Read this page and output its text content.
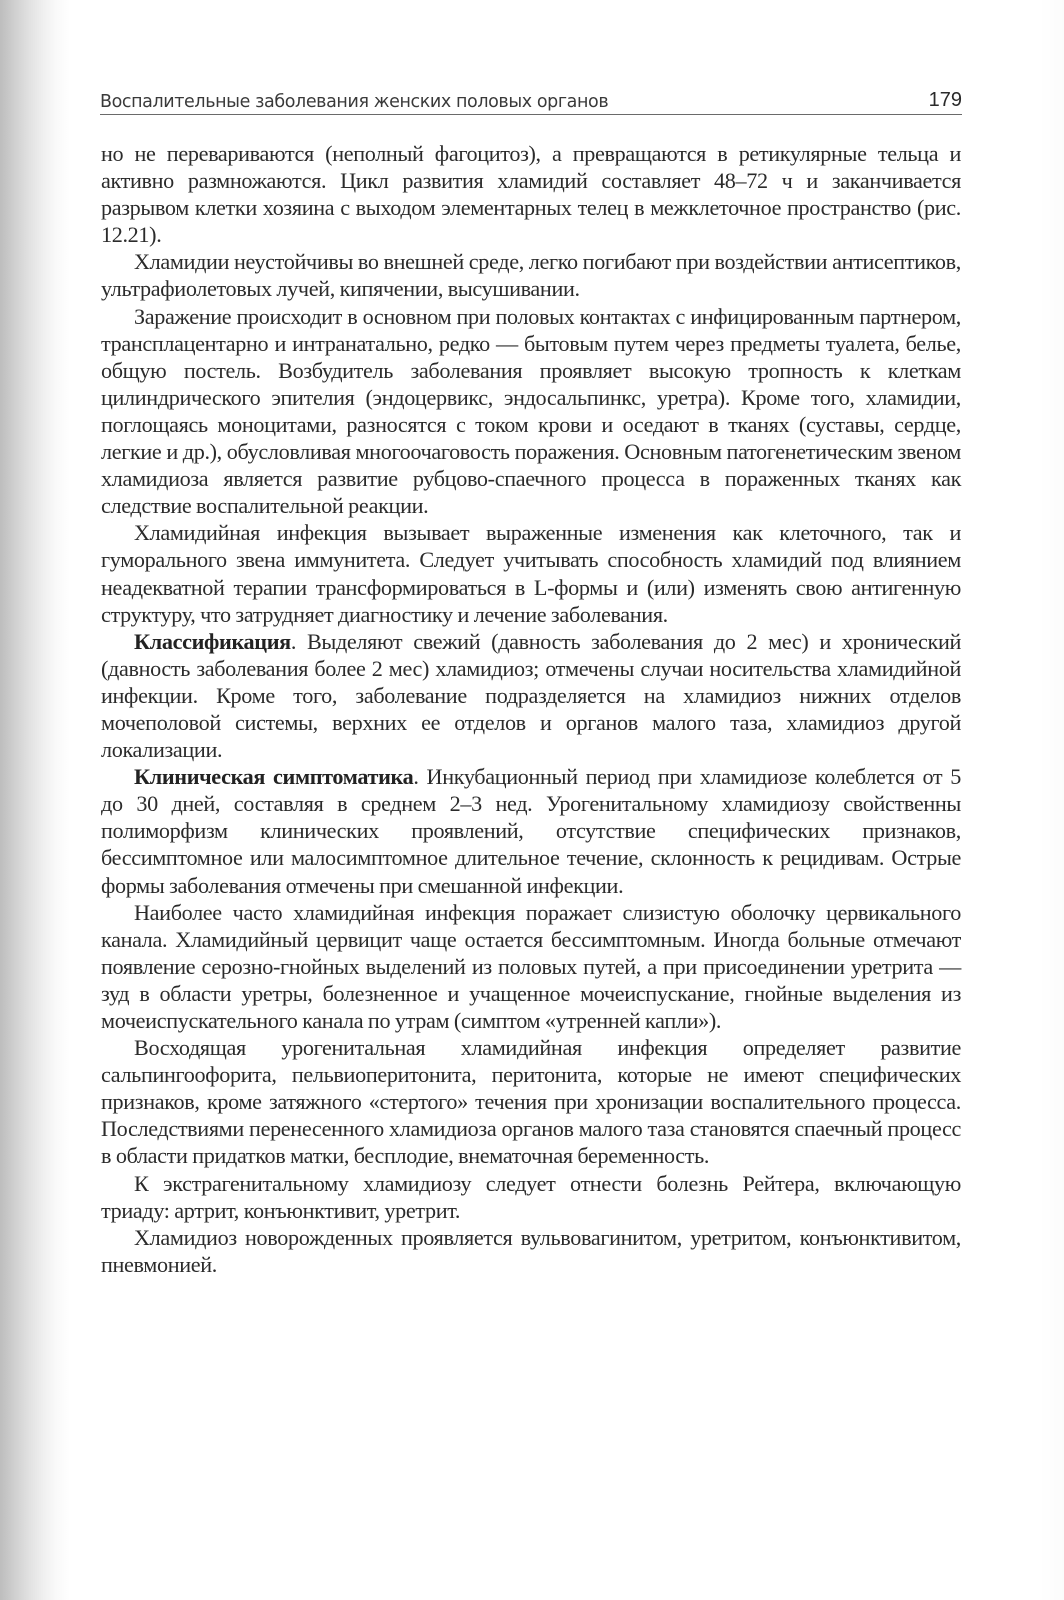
Воспалительные заболевания женских половых органов	179

но не перевариваются (неполный фагоцитоз), а превращаются в ретикулярные тельца и активно размножаются. Цикл развития хламидий составляет 48–72 ч и заканчивается разрывом клетки хозяина с выходом элементарных телец в межклеточное пространство (рис. 12.21).

Хламидии неустойчивы во внешней среде, легко погибают при воздействии антисептиков, ультрафиолетовых лучей, кипячении, высушивании.

Заражение происходит в основном при половых контактах с инфицированным партнером, трансплацентарно и интранатально, редко — бытовым путем через предметы туалета, белье, общую постель. Возбудитель заболевания проявляет высокую тропность к клеткам цилиндрического эпителия (эндоцервикс, эндосальпинкс, уретра). Кроме того, хламидии, поглощаясь моноцитами, разносятся с током крови и оседают в тканях (суставы, сердце, легкие и др.), обусловливая многоочаговость поражения. Основным патогенетическим звеном хламидиоза является развитие рубцово-спаечного процесса в пораженных тканях как следствие воспалительной реакции.

Хламидийная инфекция вызывает выраженные изменения как клеточного, так и гуморального звена иммунитета. Следует учитывать способность хламидий под влиянием неадекватной терапии трансформироваться в L-формы и (или) изменять свою антигенную структуру, что затрудняет диагностику и лечение заболевания.

Классификация. Выделяют свежий (давность заболевания до 2 мес) и хронический (давность заболевания более 2 мес) хламидиоз; отмечены случаи носительства хламидийной инфекции. Кроме того, заболевание подразделяется на хламидиоз нижних отделов мочеполовой системы, верхних ее отделов и органов малого таза, хламидиоз другой локализации.

Клиническая симптоматика. Инкубационный период при хламидиозе колеблется от 5 до 30 дней, составляя в среднем 2–3 нед. Урогенитальному хламидиозу свойственны полиморфизм клинических проявлений, отсутствие специфических признаков, бессимптомное или малосимптомное длительное течение, склонность к рецидивам. Острые формы заболевания отмечены при смешанной инфекции.

Наиболее часто хламидийная инфекция поражает слизистую оболочку цервикального канала. Хламидийный цервицит чаще остается бессимптомным. Иногда больные отмечают появление серозно-гнойных выделений из половых путей, а при присоединении уретрита — зуд в области уретры, болезненное и учащенное мочеиспускание, гнойные выделения из мочеиспускательного канала по утрам (симптом «утренней капли»).

Восходящая урогенитальная хламидийная инфекция определяет развитие сальпингоофорита, пельвиоперитонита, перитонита, которые не имеют специфических признаков, кроме затяжного «стертого» течения при хронизации воспалительного процесса. Последствиями перенесенного хламидиоза органов малого таза становятся спаечный процесс в области придатков матки, бесплодие, внематочная беременность.

К экстрагенитальному хламидиозу следует отнести болезнь Рейтера, включающую триаду: артрит, конъюнктивит, уретрит.

Хламидиоз новорожденных проявляется вульвовагинитом, уретритом, конъюнктивитом, пневмонией.
